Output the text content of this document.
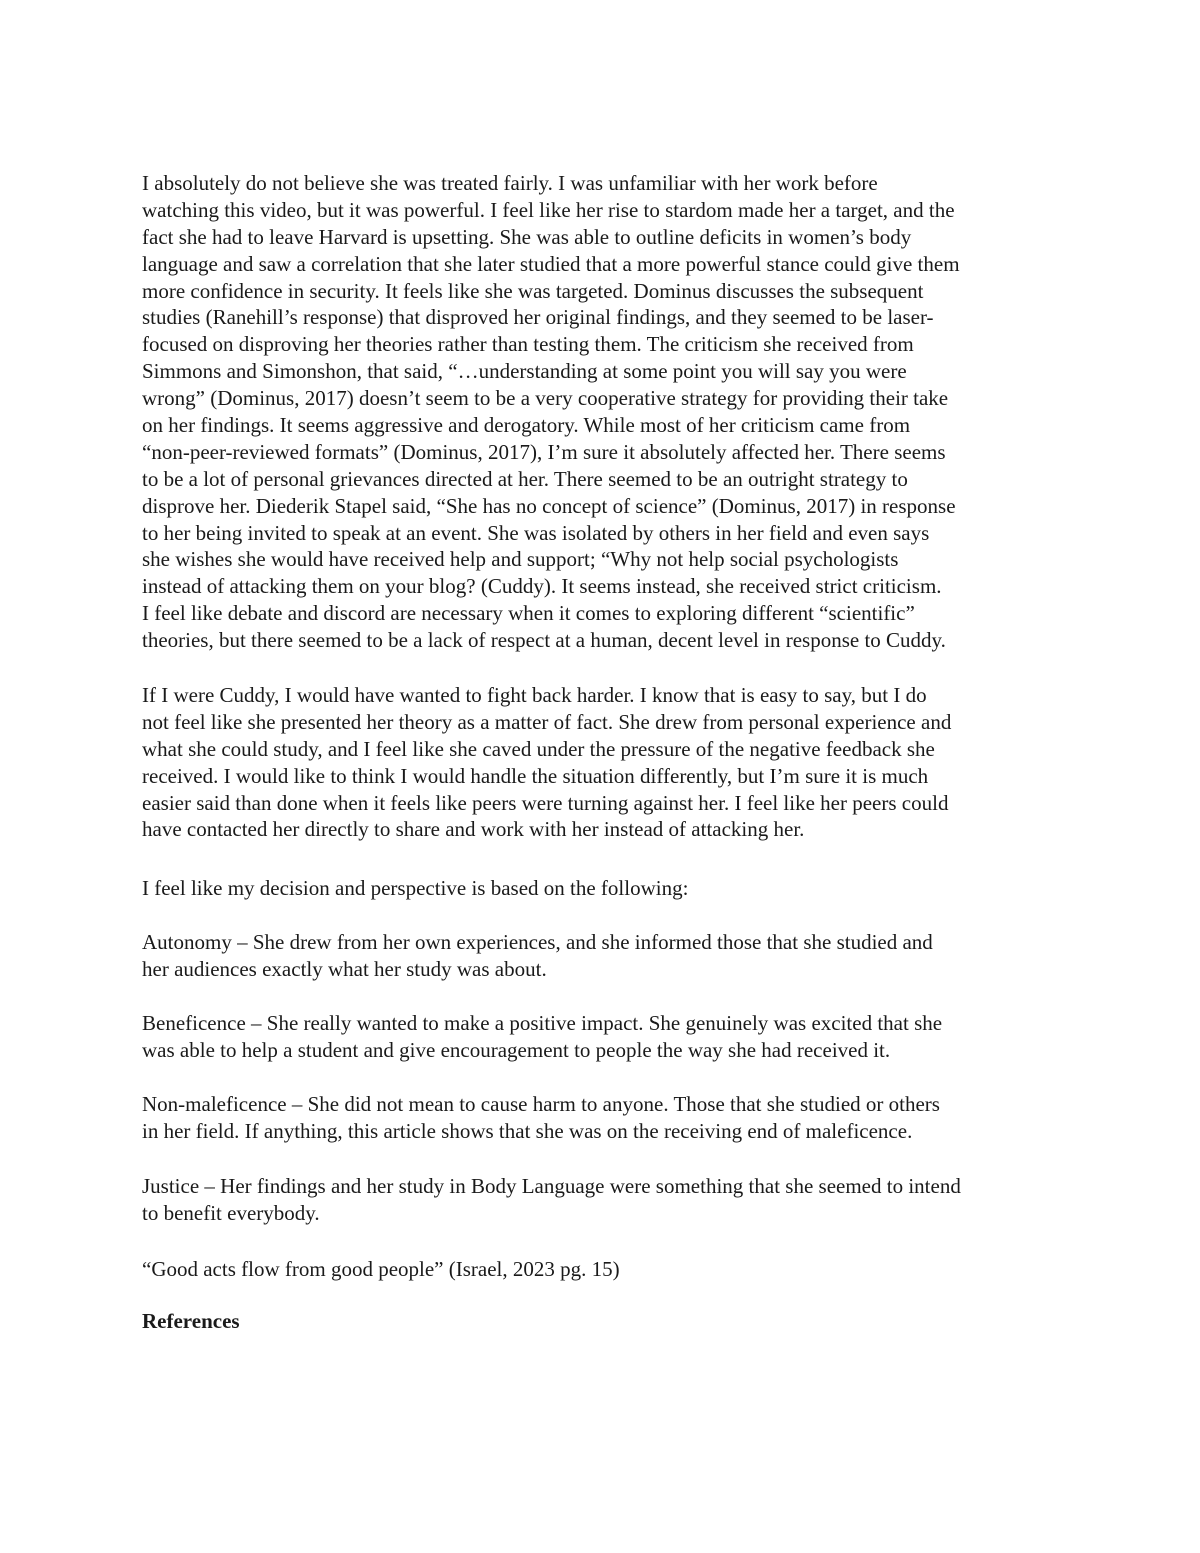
I absolutely do not believe she was treated fairly. I was unfamiliar with her work before
watching this video, but it was powerful. I feel like her rise to stardom made her a target, and the
fact she had to leave Harvard is upsetting. She was able to outline deficits in women’s body
language and saw a correlation that she later studied that a more powerful stance could give them
more confidence in security. It feels like she was targeted. Dominus discusses the subsequent
studies (Ranehill’s response) that disproved her original findings, and they seemed to be laser-
focused on disproving her theories rather than testing them. The criticism she received from
Simmons and Simonshon, that said, “…understanding at some point you will say you were
wrong” (Dominus, 2017) doesn’t seem to be a very cooperative strategy for providing their take
on her findings. It seems aggressive and derogatory. While most of her criticism came from
“non-peer-reviewed formats” (Dominus, 2017), I’m sure it absolutely affected her. There seems
to be a lot of personal grievances directed at her. There seemed to be an outright strategy to
disprove her. Diederik Stapel said, “She has no concept of science” (Dominus, 2017) in response
to her being invited to speak at an event. She was isolated by others in her field and even says
she wishes she would have received help and support; “Why not help social psychologists
instead of attacking them on your blog? (Cuddy). It seems instead, she received strict criticism.
I feel like debate and discord are necessary when it comes to exploring different “scientific”
theories, but there seemed to be a lack of respect at a human, decent level in response to Cuddy.
If I were Cuddy, I would have wanted to fight back harder. I know that is easy to say, but I do
not feel like she presented her theory as a matter of fact. She drew from personal experience and
what she could study, and I feel like she caved under the pressure of the negative feedback she
received. I would like to think I would handle the situation differently, but I’m sure it is much
easier said than done when it feels like peers were turning against her. I feel like her peers could
have contacted her directly to share and work with her instead of attacking her.
I feel like my decision and perspective is based on the following:
Autonomy – She drew from her own experiences, and she informed those that she studied and
her audiences exactly what her study was about.
Beneficence – She really wanted to make a positive impact. She genuinely was excited that she
was able to help a student and give encouragement to people the way she had received it.
Non-maleficence – She did not mean to cause harm to anyone. Those that she studied or others
in her field. If anything, this article shows that she was on the receiving end of maleficence.
Justice – Her findings and her study in Body Language were something that she seemed to intend
to benefit everybody.
“Good acts flow from good people” (Israel, 2023 pg. 15)
References
